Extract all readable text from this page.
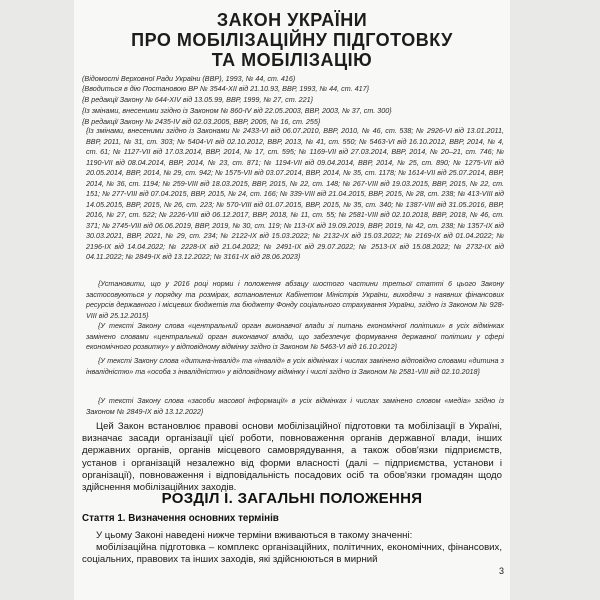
ЗАКОН УКРАЇНИ
ПРО МОБІЛІЗАЦІЙНУ ПІДГОТОВКУ
ТА МОБІЛІЗАЦІЮ
(Відомості Верховної Ради України (ВВР), 1993, № 44, ст. 416)
{Вводиться в дію Постановою ВР № 3544-XII від 21.10.93, ВВР, 1993, № 44, ст. 417}
{В редакції Закону № 644-XIV від 13.05.99, ВВР, 1999, № 27, ст. 221}
{Із змінами, внесеними згідно із Законом № 860-IV від 22.05.2003, ВВР, 2003, № 37, ст. 300}
{В редакції Закону № 2435-IV від 02.03.2005, ВВР, 2005, № 16, ст. 255}
{Із змінами, внесеними згідно із Законами № 2433-VI від 06.07.2010, ВВР, 2010, № 46, ст. 538; № 2926-VI від 13.01.2011, ВВР, 2011, № 31, ст. 303; № 5404-VI від 02.10.2012, ВВР, 2013, № 41, ст. 550; № 5463-VI від 16.10.2012, ВВР, 2014, № 4, ст. 61; № 1127-VII від 17.03.2014, ВВР, 2014, № 17, ст. 595; № 1169-VII від 27.03.2014, ВВР, 2014, № 20–21, ст. 746; № 1190-VII від 08.04.2014, ВВР, 2014, № 23, ст. 871; № 1194-VII від 09.04.2014, ВВР, 2014, № 25, ст. 890; № 1275-VII від 20.05.2014, ВВР, 2014, № 29, ст. 942; № 1575-VII від 03.07.2014, ВВР, 2014, № 35, ст. 1178; № 1614-VII від 25.07.2014, ВВР, 2014, № 36, ст. 1194; № 259-VIII від 18.03.2015, ВВР, 2015, № 22, ст. 148; № 267-VIII від 19.03.2015, ВВР, 2015, № 22, ст. 151; № 277-VIII від 07.04.2015, ВВР, 2015, № 24, ст. 166; № 339-VIII від 21.04.2015, ВВР, 2015, № 28, ст. 238; № 413-VIII від 14.05.2015, ВВР, 2015, № 26, ст. 223; № 570-VIII від 01.07.2015, ВВР, 2015, № 35, ст. 340; № 1387-VIII від 31.05.2016, ВВР, 2016, № 27, ст. 522; № 2226-VIII від 06.12.2017, ВВР, 2018, № 11, ст. 55; № 2581-VIII від 02.10.2018, ВВР, 2018, № 46, ст. 371; № 2745-VIII від 06.06.2019, ВВР, 2019, № 30, ст. 119; № 113-IX від 19.09.2019, ВВР, 2019, № 42, ст. 238; № 1357-IX від 30.03.2021, ВВР, 2021, № 29, ст. 234; № 2122-IX від 15.03.2022; № 2132-IX від 15.03.2022; № 2169-IX від 01.04.2022; № 2196-IX від 14.04.2022; № 2228-IX від 21.04.2022; № 2491-IX від 29.07.2022; № 2513-IX від 15.08.2022; № 2732-IX від 04.11.2022; № 2849-IX від 13.12.2022; № 3161-IX від 28.06.2023}
{Установити, що у 2016 році норми і положення абзацу шостого частини третьої статті 6 цього Закону застосовуються у порядку та розмірах, встановлених Кабінетом Міністрів України, виходячи з наявних фінансових ресурсів державного і місцевих бюджетів та бюджету Фонду соціального страхування України, згідно із Законом № 928-VIII від 25.12.2015}
{У тексті Закону слова «центральний орган виконавчої влади зі питань економічної політики» в усіх відмінках замінено словами «центральний орган виконавчої влади, що забезпечує формування державної політики у сфері економічного розвитку» у відповідному відмінку згідно із Законом № 5463-VI від 16.10.2012}
{У тексті Закону слова «дитина-інвалід» та «інвалід» в усіх відмінках і числах замінено відповідно словами «дитина з інвалідністю» та «особа з інвалідністю» у відповідному відмінку і числі згідно із Законом № 2581-VIII від 02.10.2018}
{У тексті Закону слова «засоби масової інформації» в усіх відмінках і числах замінено словом «медіа» згідно із Законом № 2849-IX від 13.12.2022}
Цей Закон встановлює правові основи мобілізаційної підготовки та мобілізації в Україні, визначає засади організації цієї роботи, повноваження органів державної влади, інших державних органів, органів місцевого самоврядування, а також обов'язки підприємств, установ і організацій незалежно від форми власності (далі – підприємства, установи і організації), повноваження і відповідальність посадових осіб та обов'язки громадян щодо здійснення мобілізаційних заходів.
РОЗДІЛ І. ЗАГАЛЬНІ ПОЛОЖЕННЯ
Стаття 1. Визначення основних термінів
У цьому Законі наведені нижче терміни вживаються в такому значенні:
мобілізаційна підготовка – комплекс організаційних, політичних, економічних, фінансових, соціальних, правових та інших заходів, які здійснюються в мирний
3
